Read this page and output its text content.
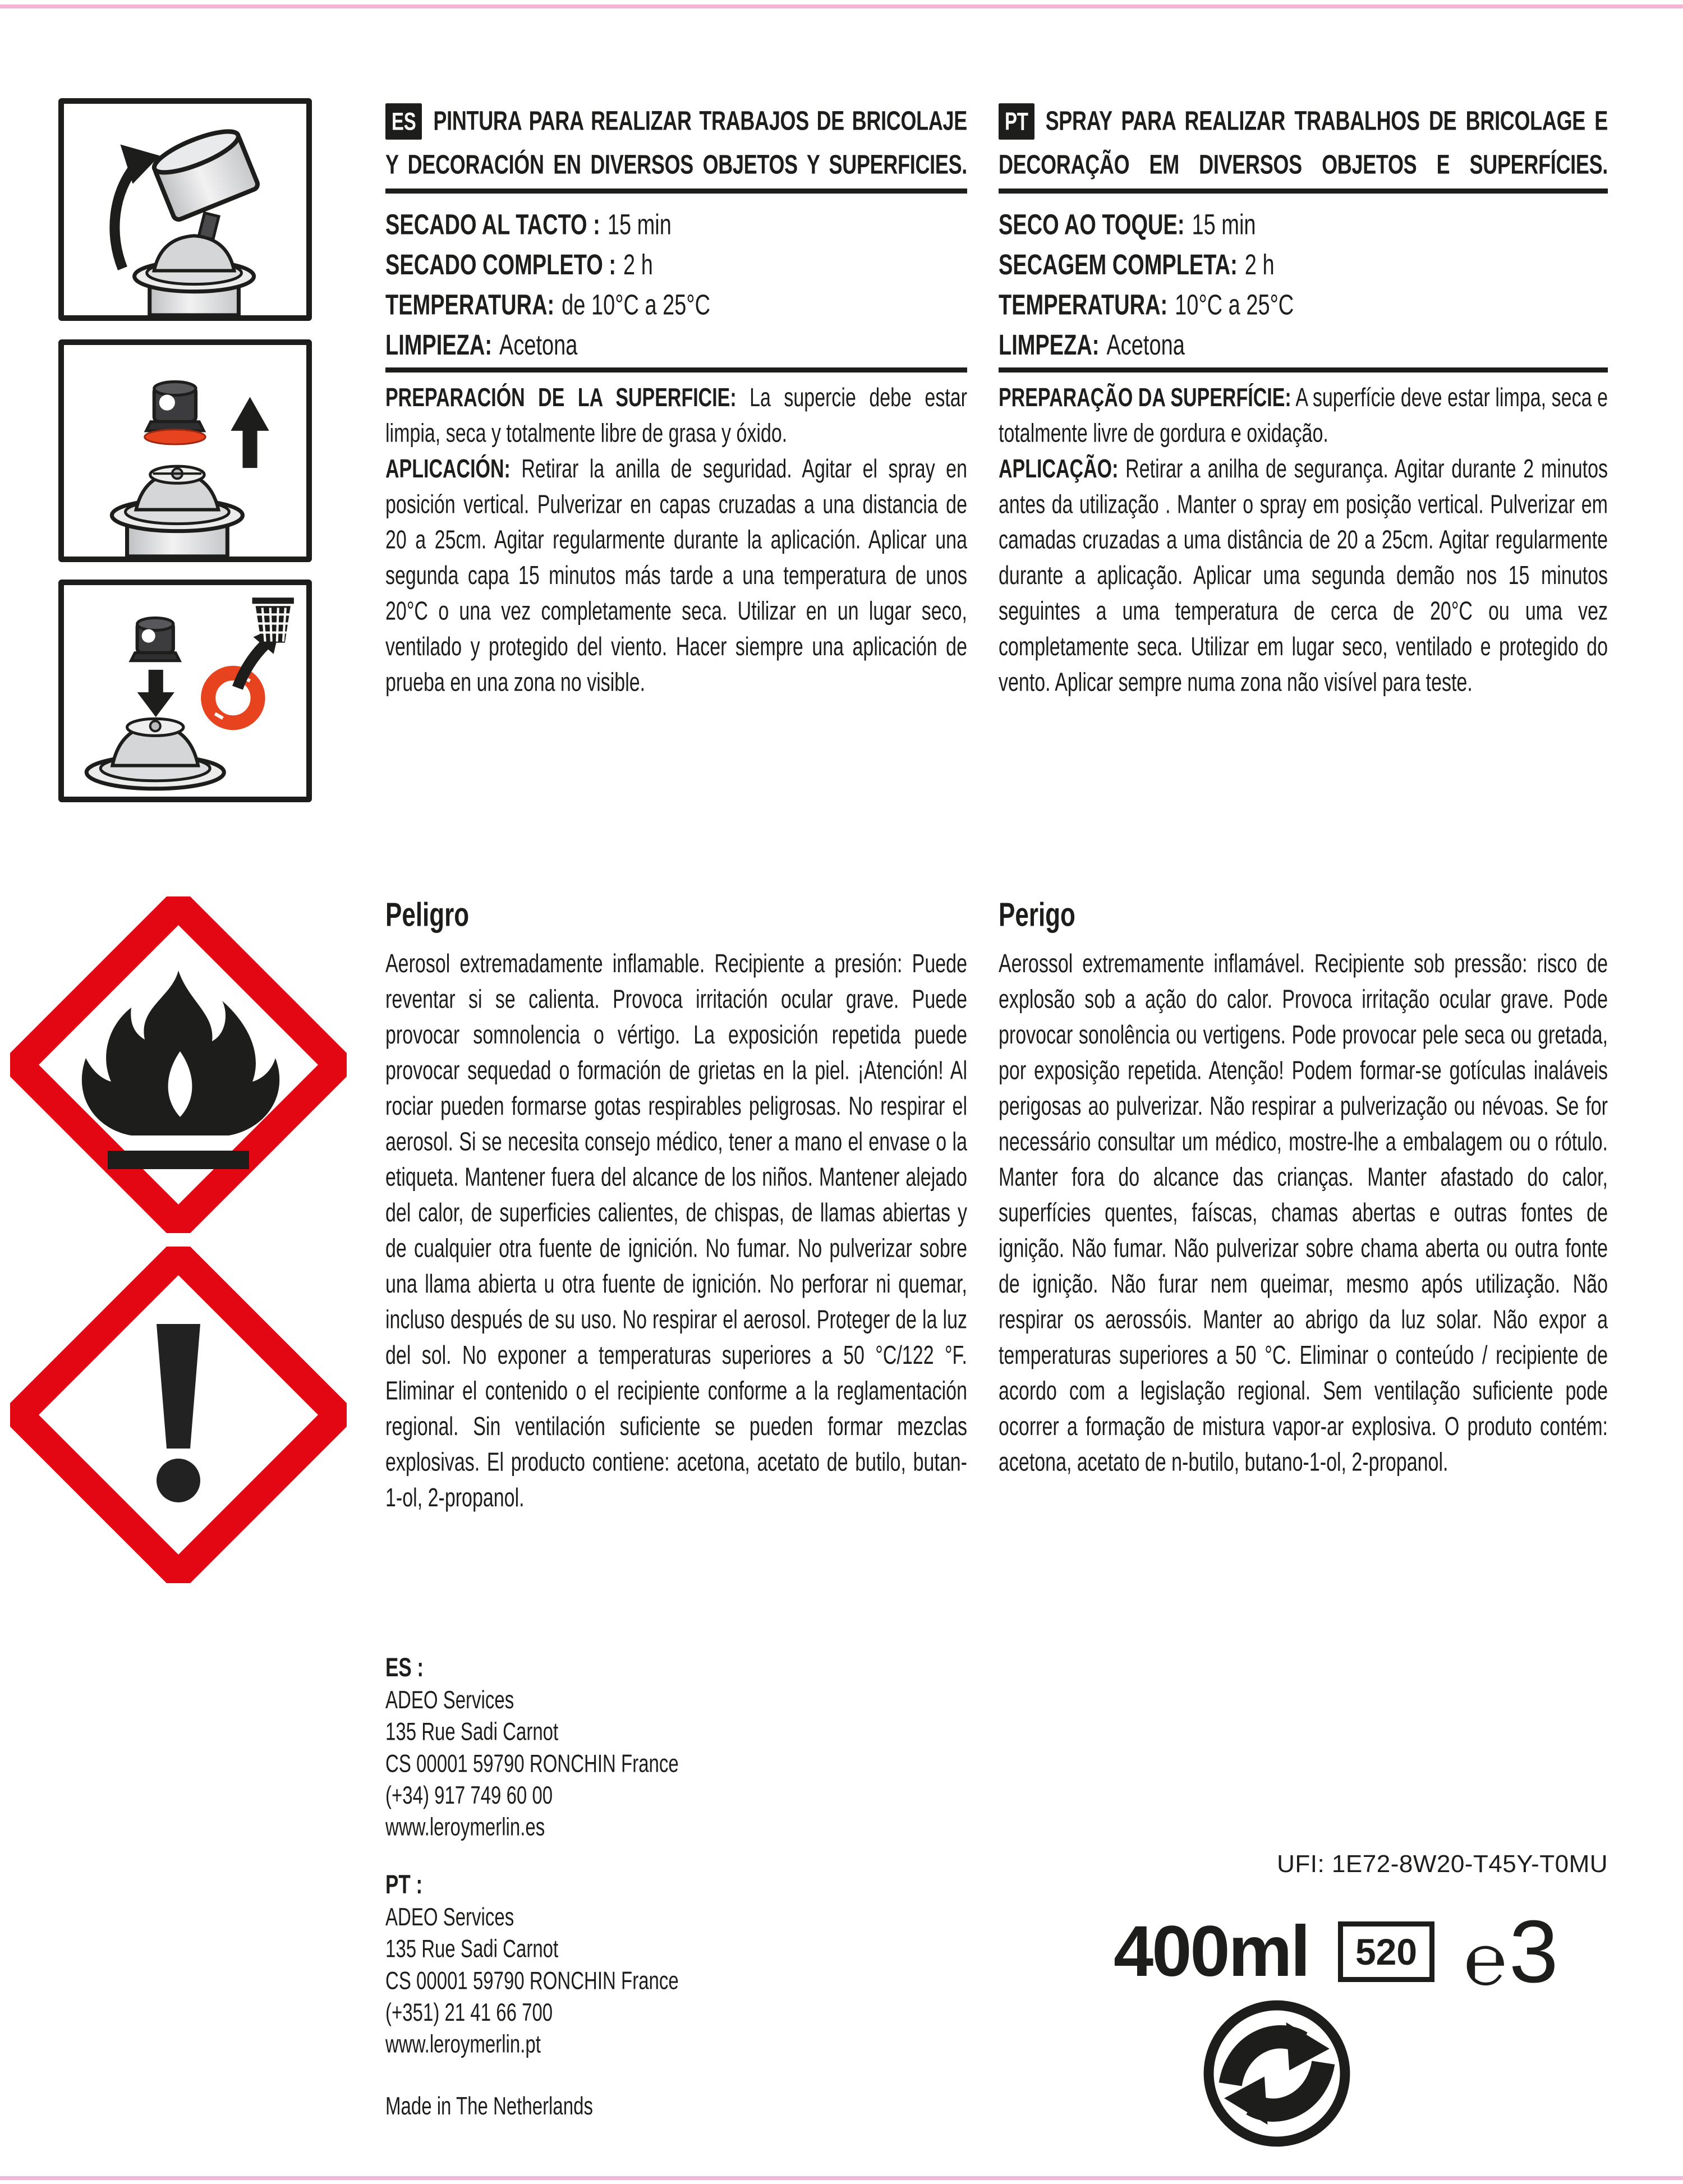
ES PINTURA PARA REALIZAR TRABAJOS DE BRICOLAJE Y DECORACIÓN EN DIVERSOS OBJETOS Y SUPERFICIES.
SECADO AL TACTO : 15 min
SECADO COMPLETO : 2 h
TEMPERATURA: de 10°C a 25°C
LIMPIEZA: Acetona

PREPARACIÓN DE LA SUPERFICIE: La supercie debe estar limpia, seca y totalmente libre de grasa y óxido.

APLICACIÓN: Retirar la anilla de seguridad. Agitar el spray en posición vertical. Pulverizar en capas cruzadas a una distancia de 20 a 25cm. Agitar regularmente durante la aplicación. Aplicar una segunda capa 15 minutos más tarde a una temperatura de unos 20°C o una vez completamente seca. Utilizar en un lugar seco, ventilado y protegido del viento. Hacer siempre una aplicación de prueba en una zona no visible.

Peligro

Aerosol extremadamente inflamable. Recipiente a presión: Puede reventar si se calienta. Provoca irritación ocular grave. Puede provocar somnolencia o vértigo. La exposición repetida puede provocar sequedad o formación de grietas en la piel. ¡Atención! Al rociar pueden formarse gotas respirables peligrosas. No respirar el aerosol. Si se necesita consejo médico, tener a mano el envase o la etiqueta. Mantener fuera del alcance de los niños. Mantener alejado del calor, de superficies calientes, de chispas, de llamas abiertas y de cualquier otra fuente de ignición. No fumar. No pulverizar sobre una llama abierta u otra fuente de ignición. No perforar ni quemar, incluso después de su uso. No respirar el aerosol. Proteger de la luz del sol. No exponer a temperaturas superiores a 50 °C/122 °F. Eliminar el contenido o el recipiente conforme a la reglamentación regional. Sin ventilación suficiente se pueden formar mezclas explosivas. El producto contiene: acetona, acetato de butilo, butan-1-ol, 2-propanol.

ES :
ADEO Services
135 Rue Sadi Carnot
CS 00001 59790 RONCHIN France
(+34) 917 749 60 00
www.leroymerlin.es
PT :
ADEO Services
135 Rue Sadi Carnot
CS 00001 59790 RONCHIN France
(+351) 21 41 66 700
www.leroymerlin.pt
Made in The Netherlands
PT SPRAY PARA REALIZAR TRABALHOS DE BRICOLAGE E DECORAÇÃO EM DIVERSOS OBJETOS E SUPERFÍCIES.
SECO AO TOQUE: 15 min
SECAGEM COMPLETA: 2 h
TEMPERATURA: 10°C a 25°C
LIMPEZA: Acetona

PREPARAÇÃO DA SUPERFÍCIE: A superfície deve estar limpa, seca e totalmente livre de gordura e oxidação.

APLICAÇÃO: Retirar a anilha de segurança. Agitar durante 2 minutos antes da utilização . Manter o spray em posição vertical. Pulverizar em camadas cruzadas a uma distância de 20 a 25cm. Agitar regularmente durante a aplicação. Aplicar uma segunda demão nos 15 minutos seguintes a uma temperatura de cerca de 20°C ou uma vez completamente seca. Utilizar em lugar seco, ventilado e protegido do vento. Aplicar sempre numa zona não visível para teste.

Perigo

Aerossol extremamente inflamável. Recipiente sob pressão: risco de explosão sob a ação do calor. Provoca irritação ocular grave. Pode provocar sonolência ou vertigens. Pode provocar pele seca ou gretada, por exposição repetida. Atenção! Podem formar-se gotículas inaláveis perigosas ao pulverizar. Não respirar a pulverização ou névoas. Se for necessário consultar um médico, mostre-lhe a embalagem ou o rótulo. Manter fora do alcance das crianças. Manter afastado do calor, superfícies quentes, faíscas, chamas abertas e outras fontes de ignição. Não fumar. Não pulverizar sobre chama aberta ou outra fonte de ignição. Não furar nem queimar, mesmo após utilização. Não respirar os aerossóis. Manter ao abrigo da luz solar. Não expor a temperaturas superiores a 50 °C. Eliminar o conteúdo / recipiente de acordo com a legislação regional. Sem ventilação suficiente pode ocorrer a formação de mistura vapor-ar explosiva. O produto contém: acetona, acetato de n-butilo, butano-1-ol, 2-propanol.

UFI: 1E72-8W20-T45Y-T0MU
400ml	520 ℮ 3
